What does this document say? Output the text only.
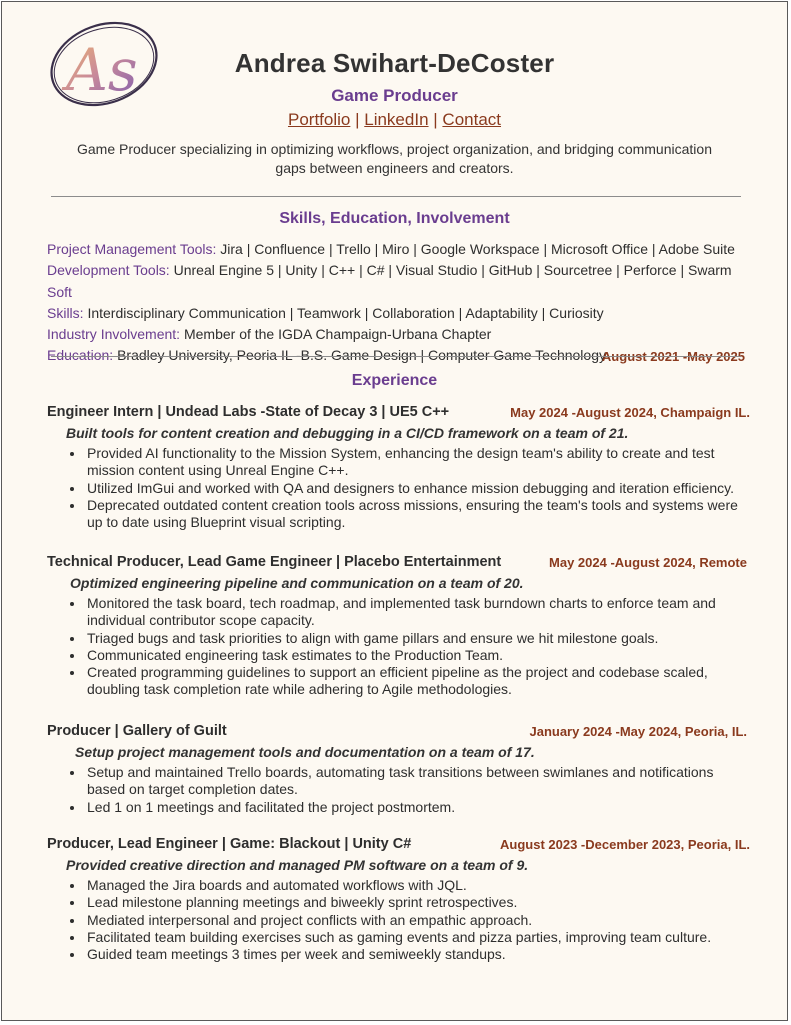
As	Andrea Swihart-DeCoster
Game Producer
Portfolio | LinkedIn | Contact
Game Producer specializing in optimizing workflows, project organization, and bridging communication gaps between engineers and creators.
Skills, Education, Involvement
Project Management Tools: Jira | Confluence | Trello | Miro | Google Workspace | Microsoft Office | Adobe Suite
Development Tools: Unreal Engine 5 | Unity | C++ | C# | Visual Studio | GitHub | Sourcetree | Perforce | Swarm Soft
Skills: Interdisciplinary Communication | Teamwork | Collaboration | Adaptability | Curiosity
Industry Involvement: Member of the IGDA Champaign-Urbana Chapter
Education: Bradley University, Peoria IL -B.S. Game Design | Computer Game Technology
August 2021 -May 2025
Experience
Engineer Intern | Undead Labs -State of Decay 3 | UE5 C++	May 2024 -August 2024, Champaign IL.
Built tools for content creation and debugging in a CI/CD framework on a team of 21.
• Provided AI functionality to the Mission System, enhancing the design team's ability to create and test mission content using Unreal Engine C++.
• Utilized ImGui and worked with QA and designers to enhance mission debugging and iteration efficiency.
• Deprecated outdated content creation tools across missions, ensuring the team's tools and systems were up to date using Blueprint visual scripting.
Technical Producer, Lead Game Engineer | Placebo Entertainment	May 2024 -August 2024, Remote
Optimized engineering pipeline and communication on a team of 20.
• Monitored the task board, tech roadmap, and implemented task burndown charts to enforce team and individual contributor scope capacity.
• Triaged bugs and task priorities to align with game pillars and ensure we hit milestone goals.
• Communicated engineering task estimates to the Production Team.
• Created programming guidelines to support an efficient pipeline as the project and codebase scaled, doubling task completion rate while adhering to Agile methodologies.
Producer | Gallery of Guilt	January 2024 -May 2024, Peoria, IL.
Setup project management tools and documentation on a team of 17.
• Setup and maintained Trello boards, automating task transitions between swimlanes and notifications based on target completion dates.
• Led 1 on 1 meetings and facilitated the project postmortem.
Producer, Lead Engineer | Game: Blackout | Unity C#	August 2023 -December 2023, Peoria, IL.
Provided creative direction and managed PM software on a team of 9.
• Managed the Jira boards and automated workflows with JQL.
• Lead milestone planning meetings and biweekly sprint retrospectives.
• Mediated interpersonal and project conflicts with an empathic approach.
• Facilitated team building exercises such as gaming events and pizza parties, improving team culture.
• Guided team meetings 3 times per week and semiweekly standups.
